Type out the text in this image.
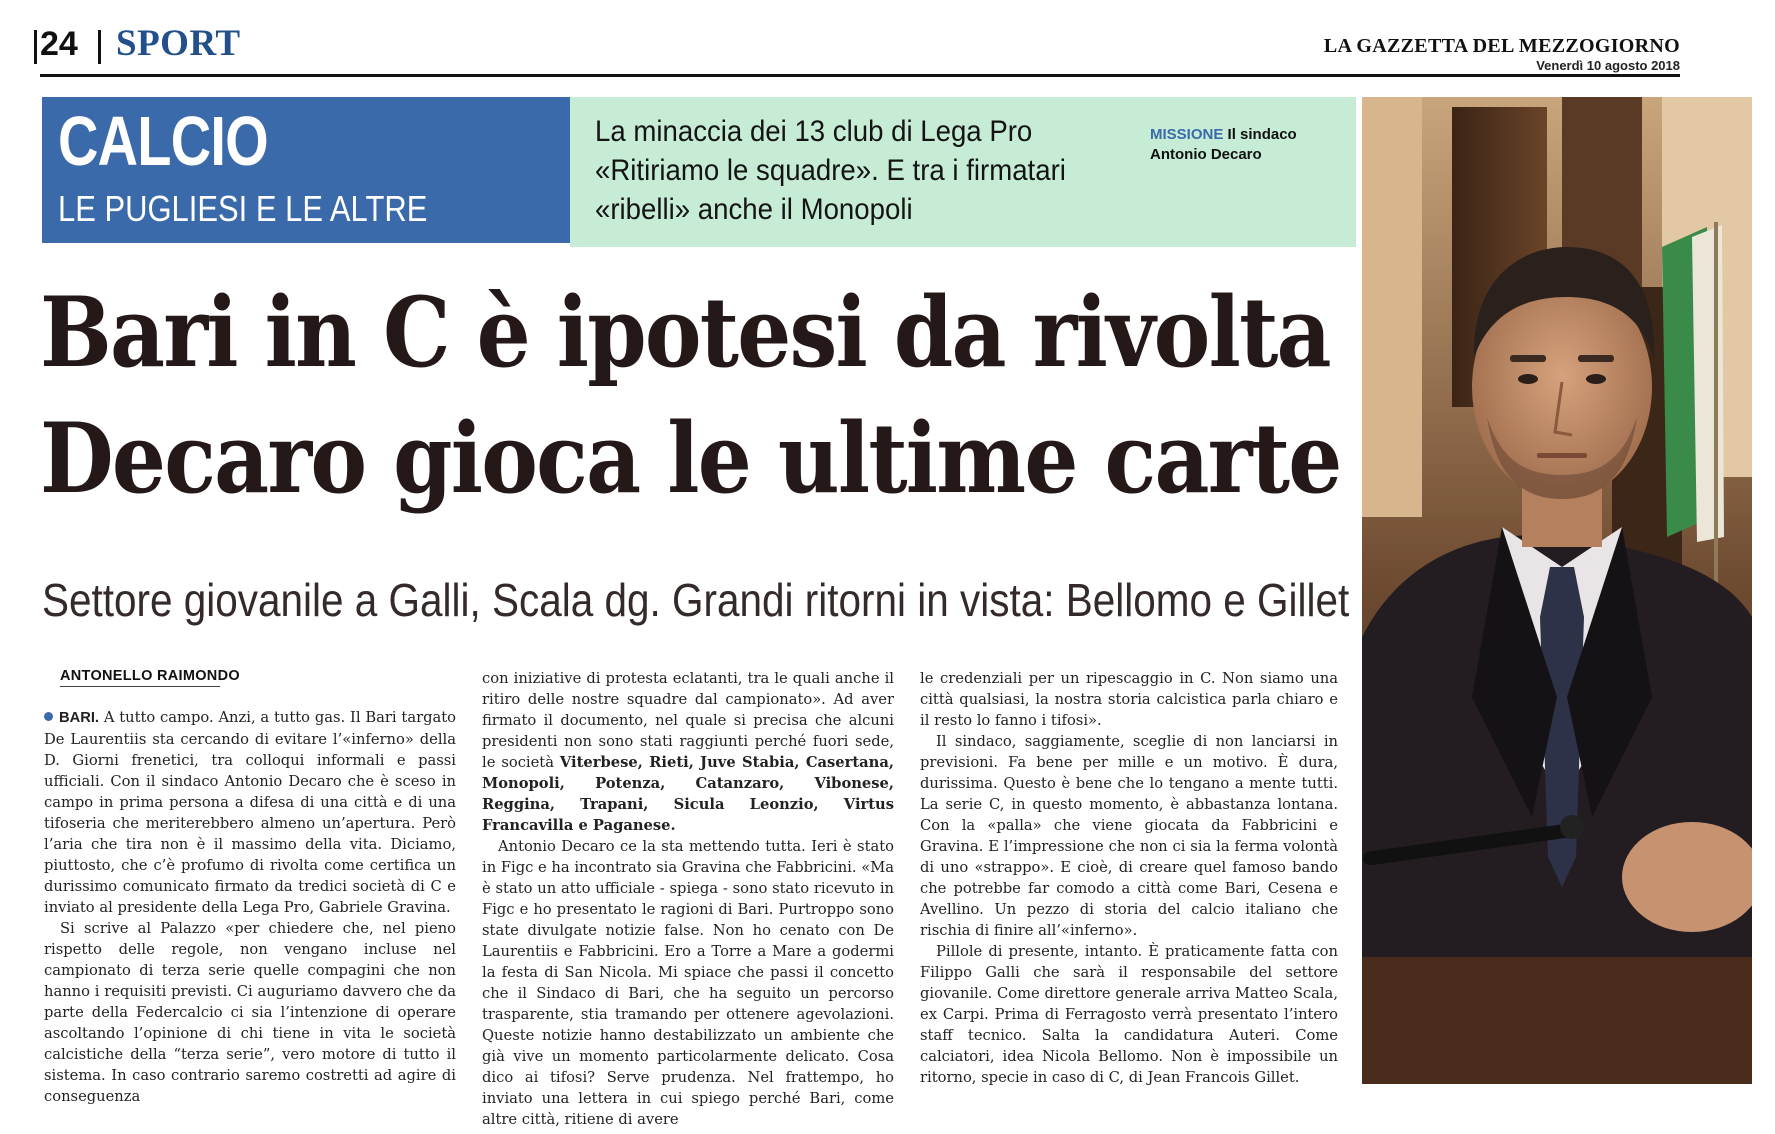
24 SPORT	LA GAZZETTA DEL MEZZOGIORNO
Venerdì 10 agosto 2018
CALCIO
LE PUGLIESI E LE ALTRE
La minaccia dei 13 club di Lega Pro
«Ritiriamo le squadre». E tra i firmatari
«ribelli» anche il Monopoli
MISSIONE Il sindaco Antonio Decaro
Bari in C è ipotesi da rivolta
Decaro gioca le ultime carte
Settore giovanile a Galli, Scala dg. Grandi ritorni in vista: Bellomo e Gillet
ANTONELLO RAIMONDO

BARI. A tutto campo. Anzi, a tutto gas. Il Bari targato De Laurentiis sta cercando di evitare l’«inferno» della D. Giorni frenetici, tra colloqui informali e passi ufficiali. Con il sindaco Antonio Decaro che è sceso in campo in prima persona a difesa di una città e di una tifoseria che meriterebbero almeno un’apertura. Però l’aria che tira non è il massimo della vita. Diciamo, piuttosto, che c’è profumo di rivolta come certifica un durissimo comunicato firmato da tredici società di C e inviato al presidente della Lega Pro, Gabriele Gravina.

Si scrive al Palazzo «per chiedere che, nel pieno rispetto delle regole, non vengano incluse nel campionato di terza serie quelle compagini che non hanno i requisiti previsti. Ci auguriamo davvero che da parte della Federcalcio ci sia l’intenzione di operare ascoltando l’opinione di chi tiene in vita le società calcistiche della “terza serie”, vero motore di tutto il sistema. In caso contrario saremo costretti ad agire di conseguenza

con iniziative di protesta eclatanti, tra le quali anche il ritiro delle nostre squadre dal campionato». Ad aver firmato il documento, nel quale si precisa che alcuni presidenti non sono stati raggiunti perché fuori sede, le società Viterbese, Rieti, Juve Stabia, Casertana, Monopoli, Potenza, Catanzaro, Vibonese, Reggina, Trapani, Sicula Leonzio, Virtus Francavilla e Paganese.

Antonio Decaro ce la sta mettendo tutta. Ieri è stato in Figc e ha incontrato sia Gravina che Fabbricini. «Ma è stato un atto ufficiale - spiega - sono stato ricevuto in Figc e ho presentato le ragioni di Bari. Purtroppo sono state divulgate notizie false. Non ho cenato con De Laurentiis e Fabbricini. Ero a Torre a Mare a godermi la festa di San Nicola. Mi spiace che passi il concetto che il Sindaco di Bari, che ha seguito un percorso trasparente, stia tramando per ottenere agevolazioni. Queste notizie hanno destabilizzato un ambiente che già vive un momento particolarmente delicato. Cosa dico ai tifosi? Serve prudenza. Nel frattempo, ho inviato una lettera in cui spiego perché Bari, come altre città, ritiene di avere

le credenziali per un ripescaggio in C. Non siamo una città qualsiasi, la nostra storia calcistica parla chiaro e il resto lo fanno i tifosi».

Il sindaco, saggiamente, sceglie di non lanciarsi in previsioni. Fa bene per mille e un motivo. È dura, durissima. Questo è bene che lo tengano a mente tutti. La serie C, in questo momento, è abbastanza lontana. Con la «palla» che viene giocata da Fabbricini e Gravina. E l’impressione che non ci sia la ferma volontà di uno «strappo». E cioè, di creare quel famoso bando che potrebbe far comodo a città come Bari, Cesena e Avellino. Un pezzo di storia del calcio italiano che rischia di finire all’«inferno».

Pillole di presente, intanto. È praticamente fatta con Filippo Galli che sarà il responsabile del settore giovanile. Come direttore generale arriva Matteo Scala, ex Carpi. Prima di Ferragosto verrà presentato l’intero staff tecnico. Salta la candidatura Auteri. Come calciatori, idea Nicola Bellomo. Non è impossibile un ritorno, specie in caso di C, di Jean Francois Gillet.
